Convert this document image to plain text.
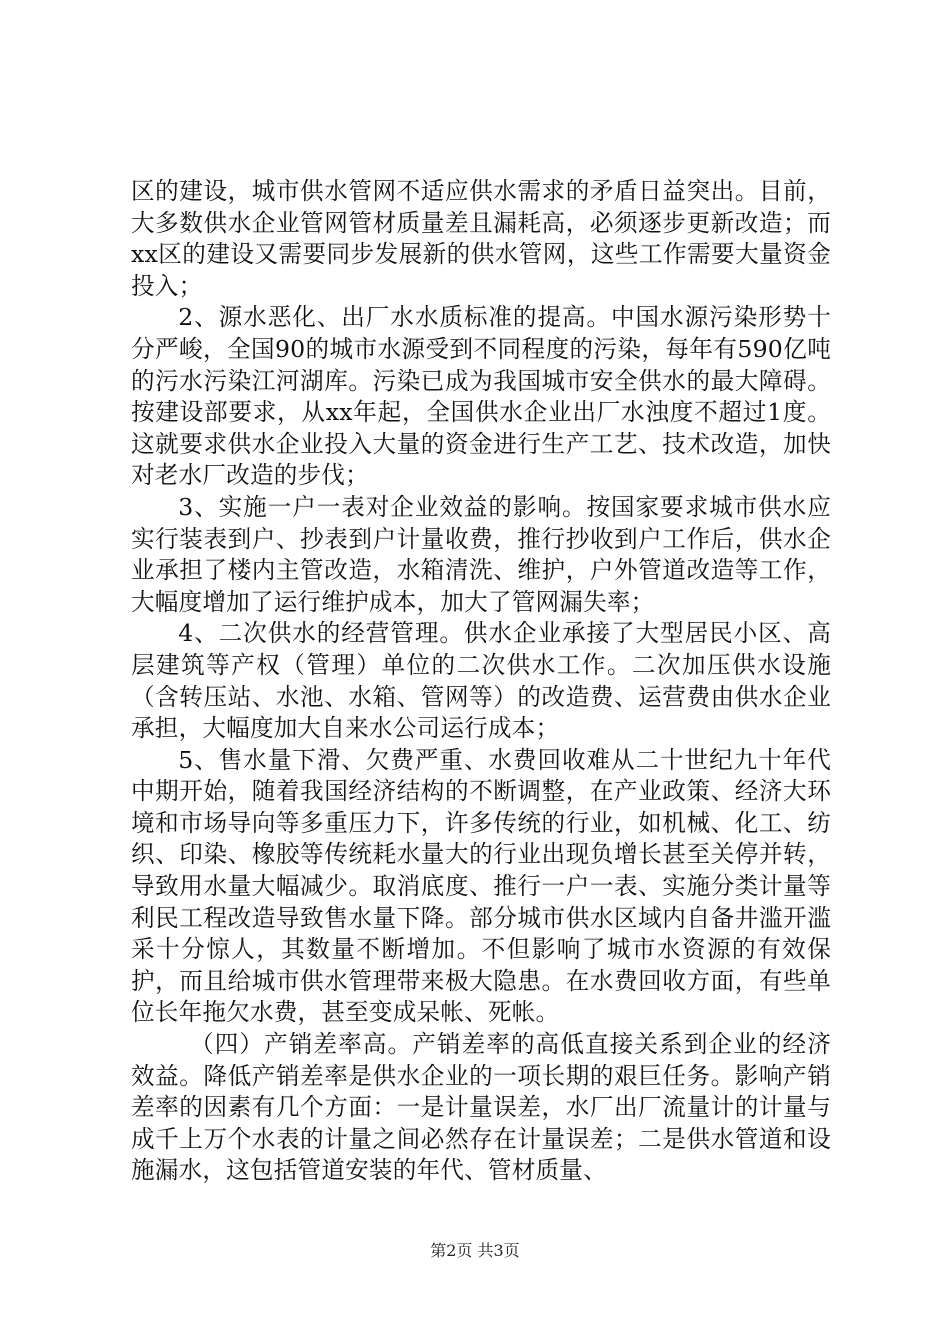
区的建设，城市供水管网不适应供水需求的矛盾日益突出。目前，大多数供水企业管网管材质量差且漏耗高，必须逐步更新改造；而xx区的建设又需要同步发展新的供水管网，这些工作需要大量资金投入；

2、源水恶化、出厂水水质标准的提高。中国水源污染形势十分严峻，全国90的城市水源受到不同程度的污染，每年有590亿吨的污水污染江河湖库。污染已成为我国城市安全供水的最大障碍。按建设部要求，从xx年起，全国供水企业出厂水浊度不超过1度。这就要求供水企业投入大量的资金进行生产工艺、技术改造，加快对老水厂改造的步伐；

3、实施一户一表对企业效益的影响。按国家要求城市供水应实行装表到户、抄表到户计量收费，推行抄收到户工作后，供水企业承担了楼内主管改造，水箱清洗、维护，户外管道改造等工作，大幅度增加了运行维护成本，加大了管网漏失率；

4、二次供水的经营管理。供水企业承接了大型居民小区、高层建筑等产权（管理）单位的二次供水工作。二次加压供水设施（含转压站、水池、水箱、管网等）的改造费、运营费由供水企业承担，大幅度加大自来水公司运行成本；

5、售水量下滑、欠费严重、水费回收难从二十世纪九十年代中期开始，随着我国经济结构的不断调整，在产业政策、经济大环境和市场导向等多重压力下，许多传统的行业，如机械、化工、纺织、印染、橡胶等传统耗水量大的行业出现负增长甚至关停并转，导致用水量大幅减少。取消底度、推行一户一表、实施分类计量等利民工程改造导致售水量下降。部分城市供水区域内自备井滥开滥采十分惊人，其数量不断增加。不但影响了城市水资源的有效保护，而且给城市供水管理带来极大隐患。在水费回收方面，有些单位长年拖欠水费，甚至变成呆帐、死帐。

（四）产销差率高。产销差率的高低直接关系到企业的经济效益。降低产销差率是供水企业的一项长期的艰巨任务。影响产销差率的因素有几个方面：一是计量误差，水厂出厂流量计的计量与成千上万个水表的计量之间必然存在计量误差；二是供水管道和设施漏水，这包括管道安装的年代、管材质量、

第2页 共3页
